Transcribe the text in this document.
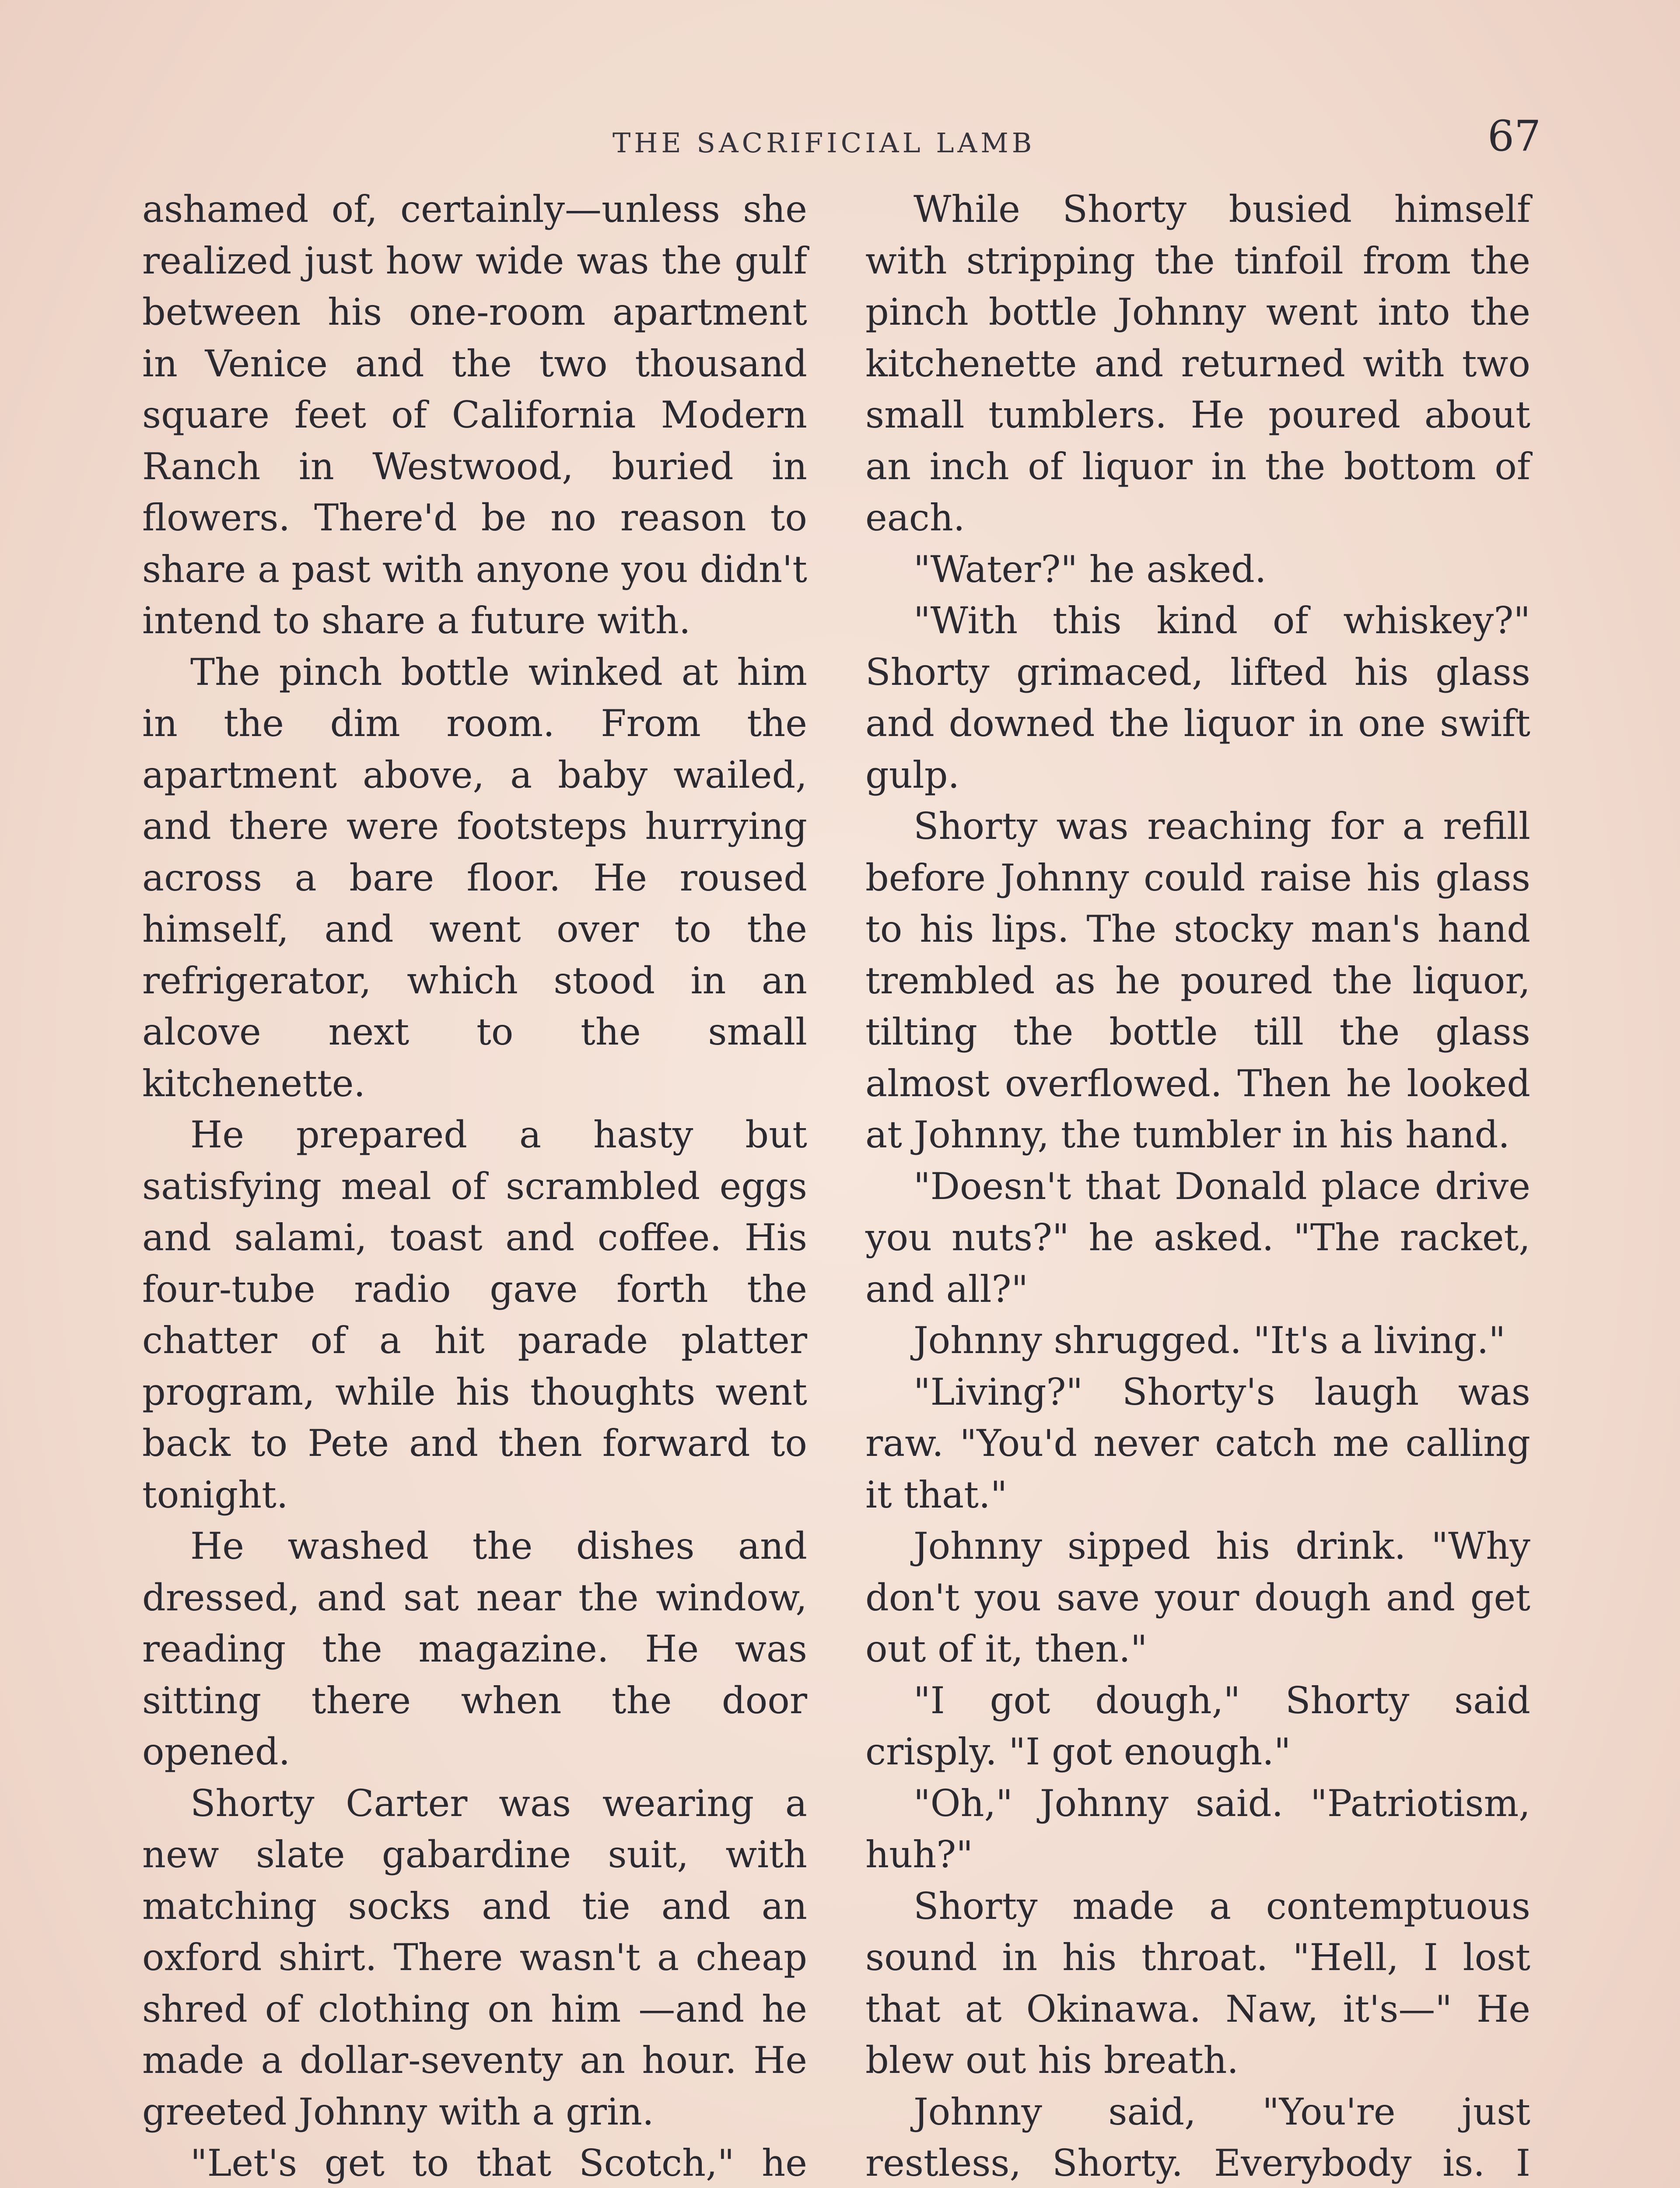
THE SACRIFICIAL LAMB	67

ashamed of, certainly—unless she realized just how wide was the gulf between his one-room apartment in Venice and the two thousand square feet of California Modern Ranch in Westwood, buried in flowers. There'd be no reason to share a past with anyone you didn't intend to share a future with.

The pinch bottle winked at him in the dim room. From the apartment above, a baby wailed, and there were footsteps hurrying across a bare floor. He roused himself, and went over to the refrigerator, which stood in an alcove next to the small kitchenette.

He prepared a hasty but satisfying meal of scrambled eggs and salami, toast and coffee. His four-tube radio gave forth the chatter of a hit parade platter program, while his thoughts went back to Pete and then forward to tonight.

He washed the dishes and dressed, and sat near the window, reading the magazine. He was sitting there when the door opened.

Shorty Carter was wearing a new slate gabardine suit, with matching socks and tie and an oxford shirt. There wasn't a cheap shred of clothing on him —and he made a dollar-seventy an hour. He greeted Johnny with a grin.

"Let's get to that Scotch," he

While Shorty busied himself with stripping the tinfoil from the pinch bottle Johnny went into the kitchenette and returned with two small tumblers. He poured about an inch of liquor in the bottom of each.

"Water?" he asked.

"With this kind of whiskey?" Shorty grimaced, lifted his glass and downed the liquor in one swift gulp.

Shorty was reaching for a refill before Johnny could raise his glass to his lips. The stocky man's hand trembled as he poured the liquor, tilting the bottle till the glass almost overflowed. Then he looked at Johnny, the tumbler in his hand.

"Doesn't that Donald place drive you nuts?" he asked. "The racket, and all?"

Johnny shrugged. "It's a living."

"Living?" Shorty's laugh was raw. "You'd never catch me calling it that."

Johnny sipped his drink. "Why don't you save your dough and get out of it, then."

"I got dough," Shorty said crisply. "I got enough."

"Oh," Johnny said. "Patriotism, huh?"

Shorty made a contemptuous sound in his throat. "Hell, I lost that at Okinawa. Naw, it's—" He blew out his breath.

Johnny said, "You're just restless, Shorty. Everybody is. I
